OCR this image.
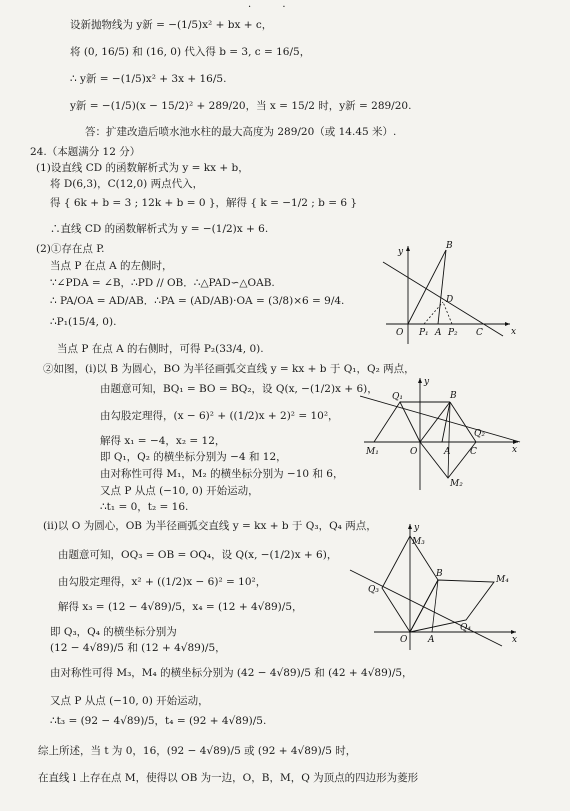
· ·
设新抛物线为 y新 = −(1/5)x² + bx + c，
将 (0, 16/5) 和 (16, 0) 代入得 b = 3, c = 16/5，
∴ y新 = −(1/5)x² + 3x + 16/5.
y新 = −(1/5)(x − 15/2)² + 289/20，当 x = 15/2 时，y新 = 289/20.
答：扩建改造后喷水池水柱的最大高度为 289/20（或 14.45 米）.
24.（本题满分 12 分）
(1)设直线 CD 的函数解析式为 y = kx + b，
将 D(6,3)，C(12,0) 两点代入，
得 { 6k + b = 3 ; 12k + b = 0 }，解得 { k = −1/2 ; b = 6 }
∴直线 CD 的函数解析式为 y = −(1/2)x + 6.
(2)①存在点 P.
当点 P 在点 A 的左侧时，
∵∠PDA = ∠B，∴PD // OB．∴△PAD∽△OAB.
∴ PA/OA = AD/AB．∴PA = (AD/AB)·OA = (3/8)×6 = 9/4.
∴P₁(15/4, 0).
当点 P 在点 A 的右侧时，可得 P₂(33/4, 0).
②如图，(i)以 B 为圆心，BO 为半径画弧交直线 y = kx + b 于 Q₁，Q₂ 两点，
由题意可知，BQ₁ = BO = BQ₂，设 Q(x, −(1/2)x + 6)，
由勾股定理得，(x − 6)² + ((1/2)x + 2)² = 10²，
解得 x₁ = −4，x₂ = 12，
即 Q₁，Q₂ 的横坐标分别为 −4 和 12，
由对称性可得 M₁，M₂ 的横坐标分别为 −10 和 6，
又点 P 从点 (−10, 0) 开始运动，
∴t₁ = 0，t₂ = 16.
(ii)以 O 为圆心，OB 为半径画弧交直线 y = kx + b 于 Q₃，Q₄ 两点，
由题意可知，OQ₃ = OB = OQ₄，设 Q(x, −(1/2)x + 6)，
由勾股定理得，x² + ((1/2)x − 6)² = 10²，
解得 x₃ = (12 − 4√89)/5，x₄ = (12 + 4√89)/5，
即 Q₃，Q₄ 的横坐标分别为
(12 − 4√89)/5 和 (12 + 4√89)/5，
由对称性可得 M₃，M₄ 的横坐标分别为 (42 − 4√89)/5 和 (42 + 4√89)/5，
又点 P 从点 (−10, 0) 开始运动，
∴t₃ = (92 − 4√89)/5，t₄ = (92 + 4√89)/5.
综上所述，当 t 为 0，16，(92 − 4√89)/5 或 (92 + 4√89)/5 时，
在直线 l 上存在点 M，使得以 OB 为一边，O，B，M，Q 为顶点的四边形为菱形
y
x
O P₁ A P₂ C
B
D
y
x
Q₁	B
Q₂
M₁	O	A C
M₂
y
x
M₃
B
M₄
Q₃
Q₄
O A
